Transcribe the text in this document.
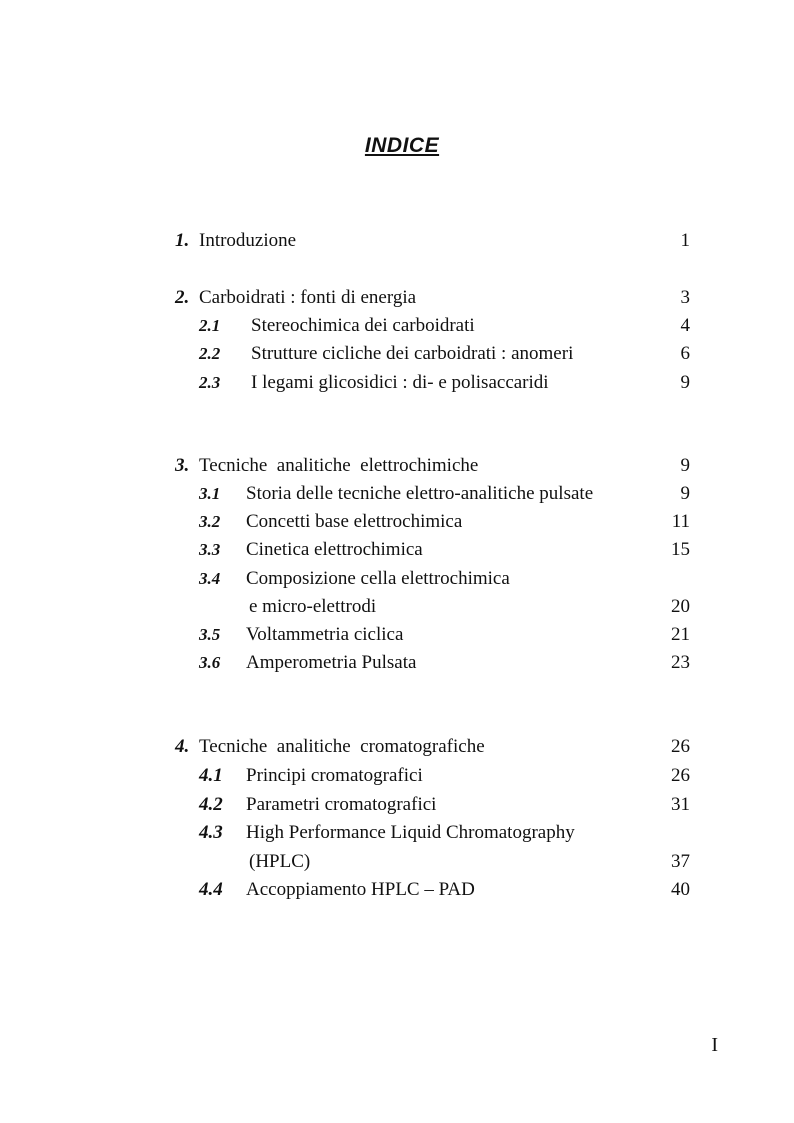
INDICE
1. Introduzione	1
2. Carboidrati : fonti di energia	3
2.1 Stereochimica dei carboidrati	4
2.2 Strutture cicliche dei carboidrati : anomeri	6
2.3 I legami glicosidici : di- e polisaccaridi	9
3. Tecniche  analitiche  elettrochimiche	9
3.1 Storia delle tecniche elettro-analitiche pulsate	9
3.2 Concetti base elettrochimica	11
3.3 Cinetica elettrochimica	15
3.4 Composizione cella elettrochimica
e micro-elettrodi	20
3.5 Voltammetria ciclica	21
3.6 Amperometria Pulsata	23
4. Tecniche  analitiche  cromatografiche	26
4.1 Principi cromatografici	26
4.2 Parametri cromatografici	31
4.3 High Performance Liquid Chromatography
(HPLC)	37
4.4 Accoppiamento HPLC – PAD	40
I
